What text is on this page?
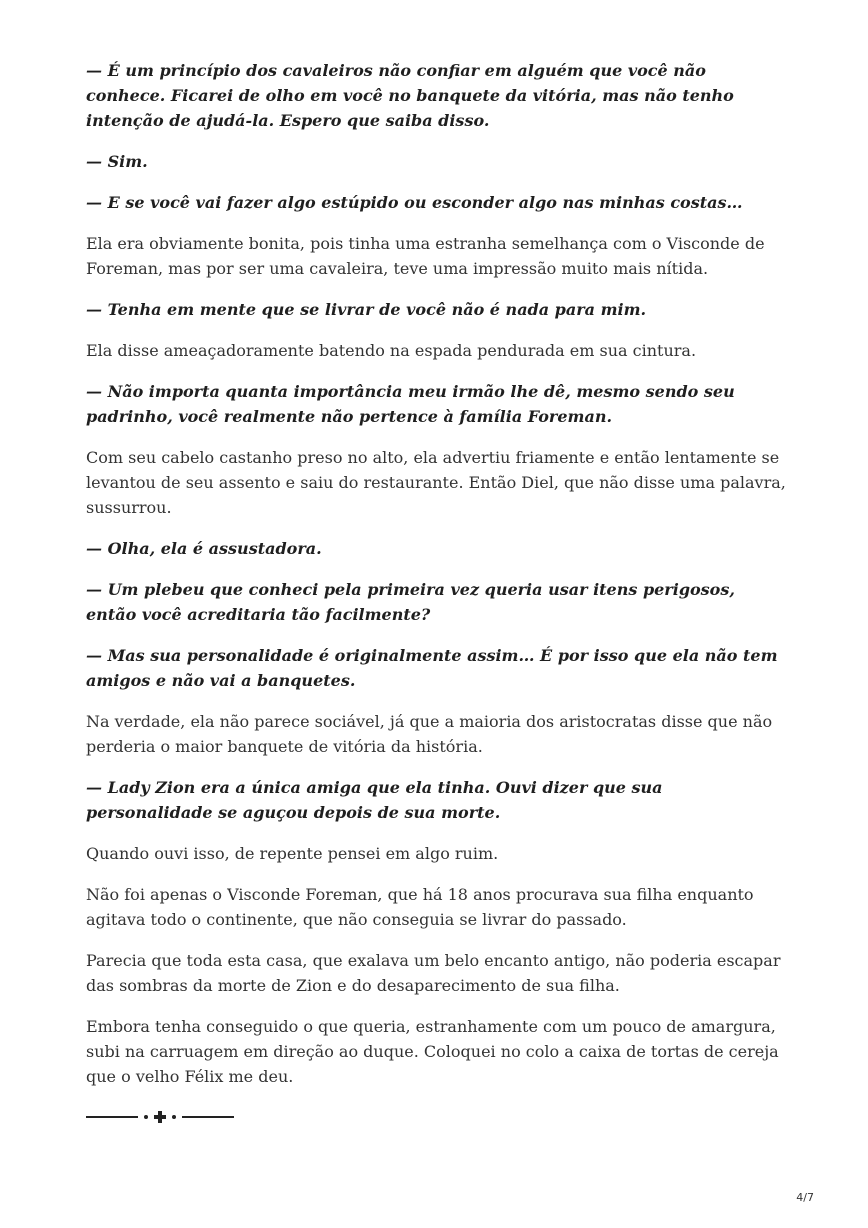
— É um princípio dos cavaleiros não confiar em alguém que você não conhece. Ficarei de olho em você no banquete da vitória, mas não tenho intenção de ajudá-la. Espero que saiba disso.

— Sim.

— E se você vai fazer algo estúpido ou esconder algo nas minhas costas…

Ela era obviamente bonita, pois tinha uma estranha semelhança com o Visconde de Foreman, mas por ser uma cavaleira, teve uma impressão muito mais nítida.

— Tenha em mente que se livrar de você não é nada para mim.

Ela disse ameaçadoramente batendo na espada pendurada em sua cintura.

— Não importa quanta importância meu irmão lhe dê, mesmo sendo seu padrinho, você realmente não pertence à família Foreman.

Com seu cabelo castanho preso no alto, ela advertiu friamente e então lentamente se levantou de seu assento e saiu do restaurante. Então Diel, que não disse uma palavra, sussurrou.

— Olha, ela é assustadora.

— Um plebeu que conheci pela primeira vez queria usar itens perigosos, então você acreditaria tão facilmente?

— Mas sua personalidade é originalmente assim… É por isso que ela não tem amigos e não vai a banquetes.

Na verdade, ela não parece sociável, já que a maioria dos aristocratas disse que não perderia o maior banquete de vitória da história.

— Lady Zion era a única amiga que ela tinha. Ouvi dizer que sua personalidade se aguçou depois de sua morte.

Quando ouvi isso, de repente pensei em algo ruim.

Não foi apenas o Visconde Foreman, que há 18 anos procurava sua filha enquanto agitava todo o continente, que não conseguia se livrar do passado.

Parecia que toda esta casa, que exalava um belo encanto antigo, não poderia escapar das sombras da morte de Zion e do desaparecimento de sua filha.

Embora tenha conseguido o que queria, estranhamente com um pouco de amargura, subi na carruagem em direção ao duque. Coloquei no colo a caixa de tortas de cereja que o velho Félix me deu.

4/7
